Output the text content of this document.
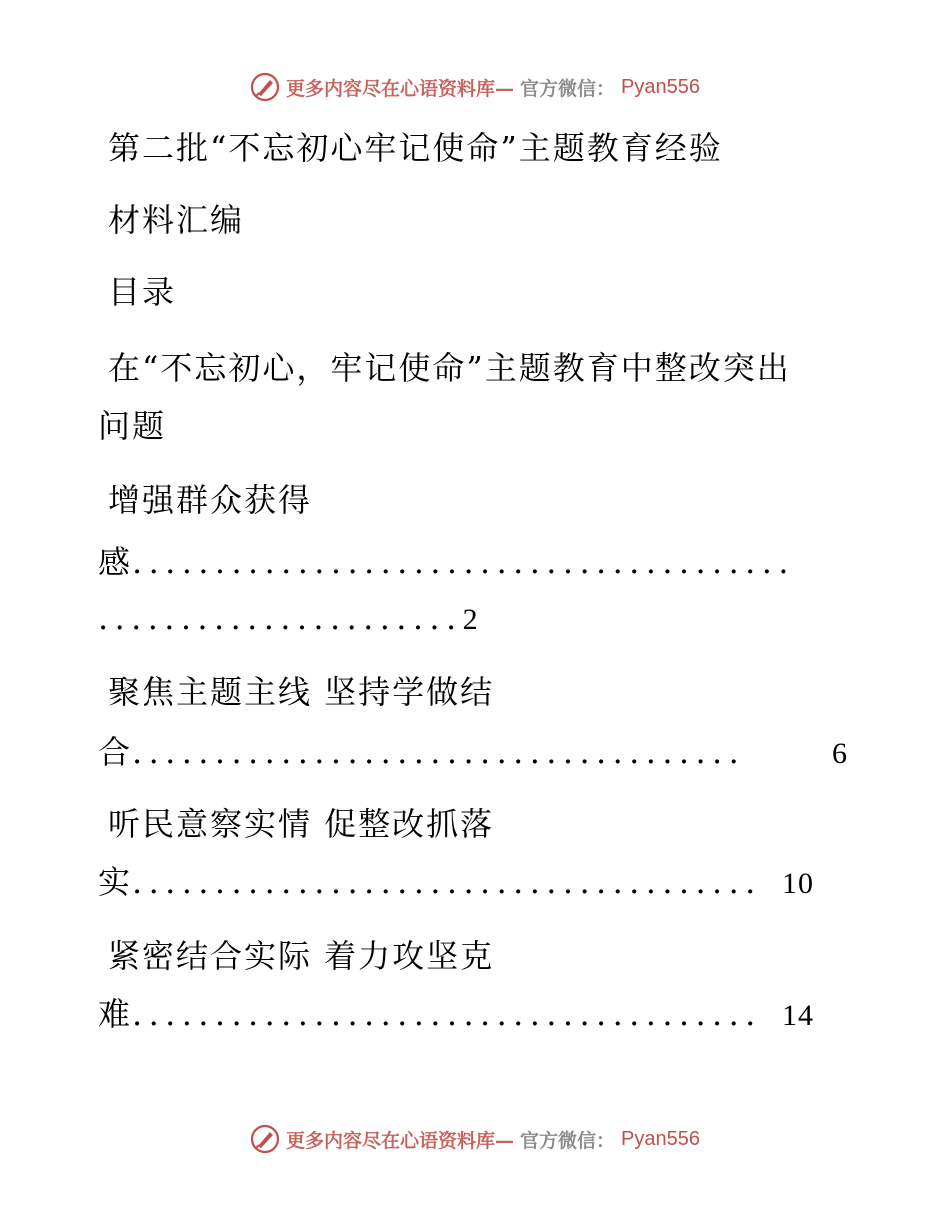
更多内容尽在心语资料库— 官方微信： Pyan556
第二批“不忘初心牢记使命”主题教育经验
材料汇编
目录
在“不忘初心，牢记使命”主题教育中整改突出
问题
增强群众获得
感 ........................................
......................2
聚焦主题主线 坚持学做结
合 .....................................	6
听民意察实情 促整改抓落
实 ...................................... 10
紧密结合实际 着力攻坚克
难 ...................................... 14
更多内容尽在心语资料库— 官方微信： Pyan556
